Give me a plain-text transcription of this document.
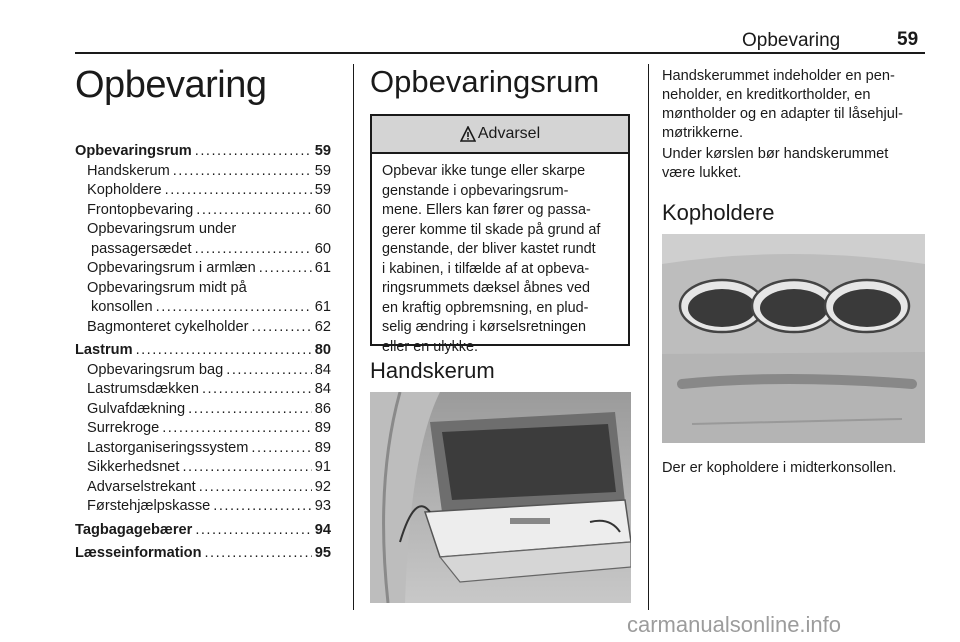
Opbevaring	59
Opbevaring
Opbevaringsrum .....	59
Handskerum .....	59
Kopholdere .....	59
Frontopbevaring .....	60
Opbevaringsrum under
passagersædet .....	60
Opbevaringsrum i armlæn .....	61
Opbevaringsrum midt på
konsollen .....	61
Bagmonteret cykelholder .....	62
Lastrum .....	80
Opbevaringsrum bag .....	84
Lastrumsdækken .....	84
Gulvafdækning .....	86
Surrekroge .....	89
Lastorganiseringssystem .....	89
Sikkerhedsnet .....	91
Advarselstrekant .....	92
Førstehjælpskasse .....	93
Tagbagagebærer .....	94
Læsseinformation .....	95
Opbevaringsrum
Advarsel

Opbevar ikke tunge eller skarpe

genstande i opbevaringsrum-

mene. Ellers kan fører og passa-

gerer komme til skade på grund af

genstande, der bliver kastet rundt

i kabinen, i tilfælde af at opbeva-

ringsrummets dæksel åbnes ved

en kraftig opbremsning, en plud-

selig ændring i kørselsretningen

eller en ulykke.

Handskerum

Handskerummet indeholder en pen-

neholder, en kreditkortholder, en

møntholder og en adapter til låsehjul-

møtrikkerne.

Under kørslen bør handskerummet

være lukket.

Kopholdere
Der er kopholdere i midterkonsollen.
carmanualsonline.info
